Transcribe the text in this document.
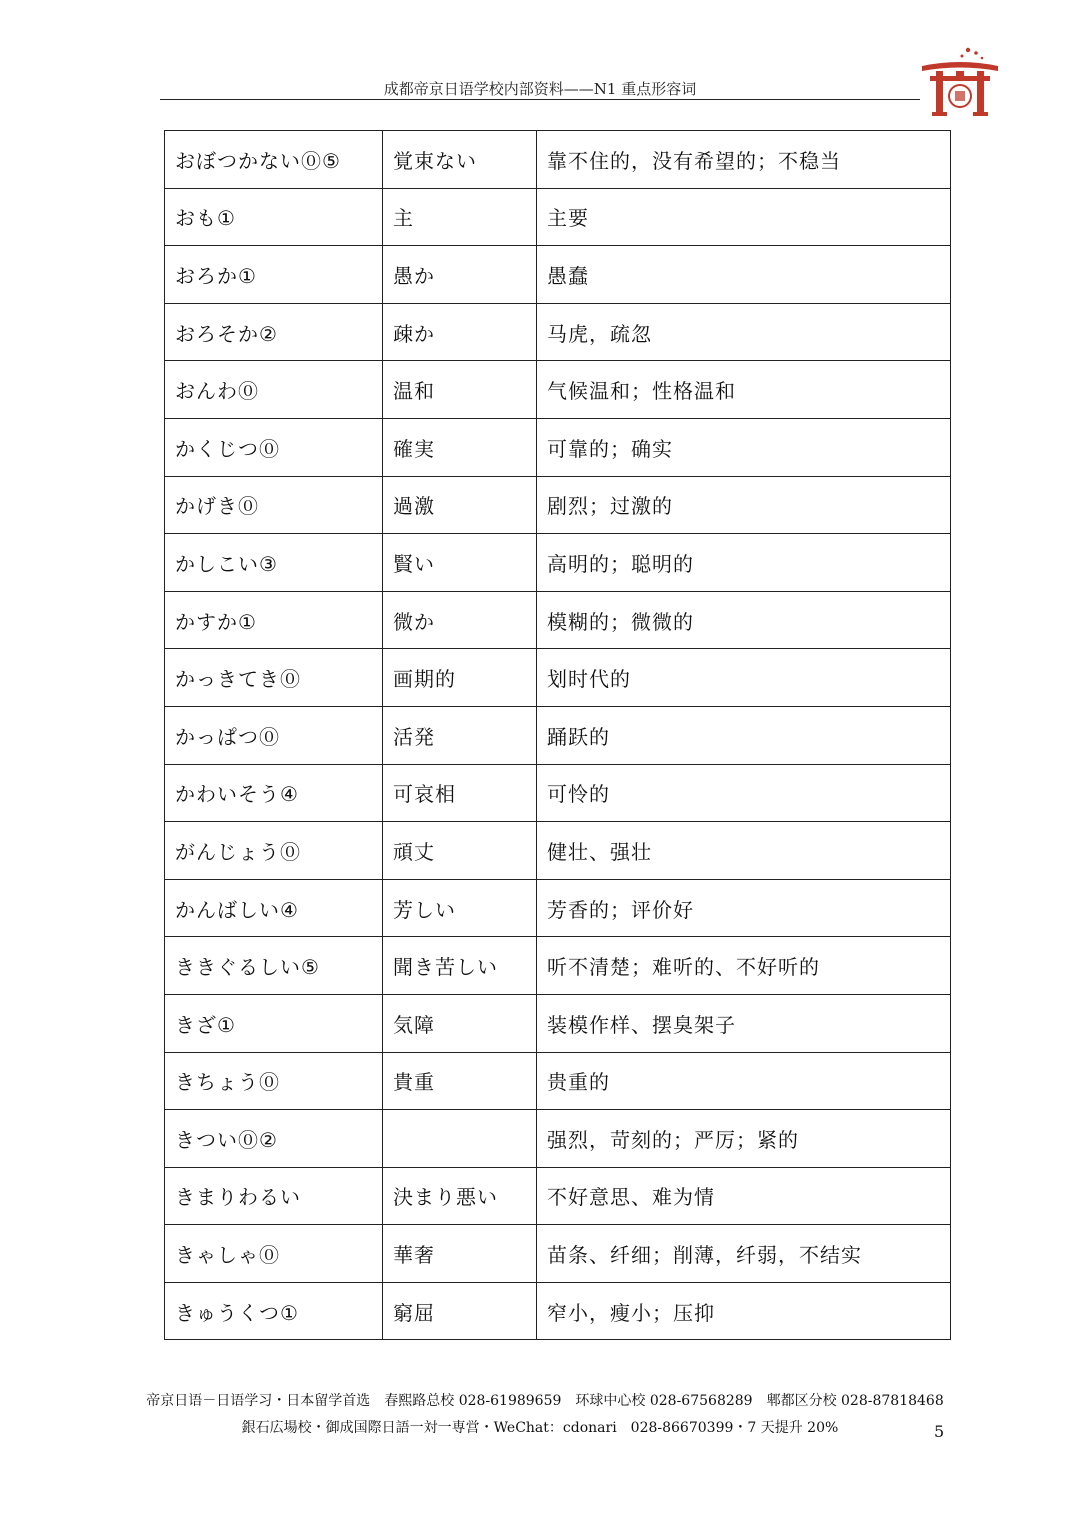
成都帝京日语学校内部资料——N1 重点形容词
おぼつかない⓪⑤	覚束ない	靠不住的，没有希望的；不稳当
おも①	主	主要
おろか①	愚か	愚蠢
おろそか②	疎か	马虎，疏忽
おんわ⓪	温和	气候温和；性格温和
かくじつ⓪	確実	可靠的；确实
かげき⓪	過激	剧烈；过激的
かしこい③	賢い	高明的；聪明的
かすか①	微か	模糊的；微微的
かっきてき⓪	画期的	划时代的
かっぱつ⓪	活発	踊跃的
かわいそう④	可哀相	可怜的
がんじょう⓪	頑丈	健壮、强壮
かんばしい④	芳しい	芳香的；评价好
ききぐるしい⑤	聞き苦しい	听不清楚；难听的、不好听的
きざ①	気障	装模作样、摆臭架子
きちょう⓪	貴重	贵重的
きつい⓪②		强烈，苛刻的；严厉；紧的
きまりわるい	決まり悪い	不好意思、难为情
きゃしゃ⓪	華奢	苗条、纤细；削薄，纤弱，不结实
きゅうくつ①	窮屈	窄小，瘦小；压抑
帝京日语－日语学习・日本留学首选　春熙路总校 028-61989659　环球中心校 028-67568289　郫都区分校 028-87818468
銀石広場校・御成国際日語一対一専営・WeChat：cdonari　028-86670399・7 天提升 20%	5
